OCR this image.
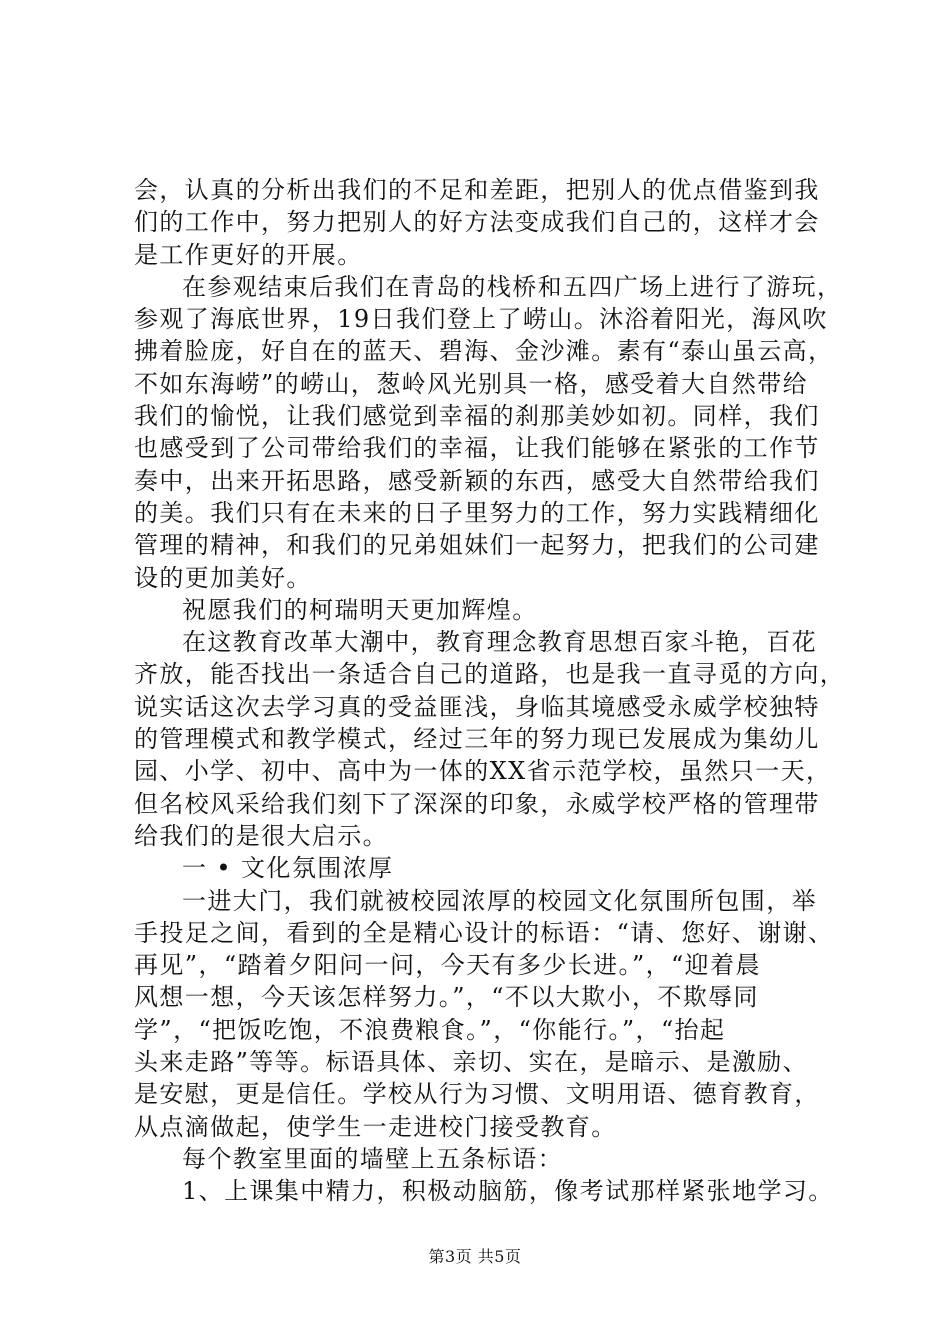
会，认真的分析出我们的不足和差距，把别人的优点借鉴到我
们的工作中，努力把别人的好方法变成我们自己的，这样才会
是工作更好的开展。
在参观结束后我们在青岛的栈桥和五四广场上进行了游玩，
参观了海底世界，19日我们登上了崂山。沐浴着阳光，海风吹
拂着脸庞，好自在的蓝天、碧海、金沙滩。素有“泰山虽云高，
不如东海崂”的崂山，葱岭风光别具一格，感受着大自然带给
我们的愉悦，让我们感觉到幸福的刹那美妙如初。同样，我们
也感受到了公司带给我们的幸福，让我们能够在紧张的工作节
奏中，出来开拓思路，感受新颖的东西，感受大自然带给我们
的美。我们只有在未来的日子里努力的工作，努力实践精细化
管理的精神，和我们的兄弟姐妹们一起努力，把我们的公司建
设的更加美好。
祝愿我们的柯瑞明天更加辉煌。
在这教育改革大潮中，教育理念教育思想百家斗艳，百花
齐放，能否找出一条适合自己的道路，也是我一直寻觅的方向，
说实话这次去学习真的受益匪浅，身临其境感受永威学校独特
的管理模式和教学模式，经过三年的努力现已发展成为集幼儿
园、小学、初中、高中为一体的XX省示范学校，虽然只一天，
但名校风采给我们刻下了深深的印象，永威学校严格的管理带
给我们的是很大启示。
一 • 文化氛围浓厚
一进大门，我们就被校园浓厚的校园文化氛围所包围，举
手投足之间，看到的全是精心设计的标语：“请、您好、谢谢、
再见”，“踏着夕阳问一问，今天有多少长进。”，“迎着晨
风想一想，今天该怎样努力。”，“不以大欺小，不欺辱同
学”，“把饭吃饱，不浪费粮食。”，“你能行。”，“抬起
头来走路”等等。标语具体、亲切、实在，是暗示、是激励、
是安慰，更是信任。学校从行为习惯、文明用语、德育教育，
从点滴做起，使学生一走进校门接受教育。
每个教室里面的墙壁上五条标语：
1、上课集中精力，积极动脑筋，像考试那样紧张地学习。
第3页 共5页
